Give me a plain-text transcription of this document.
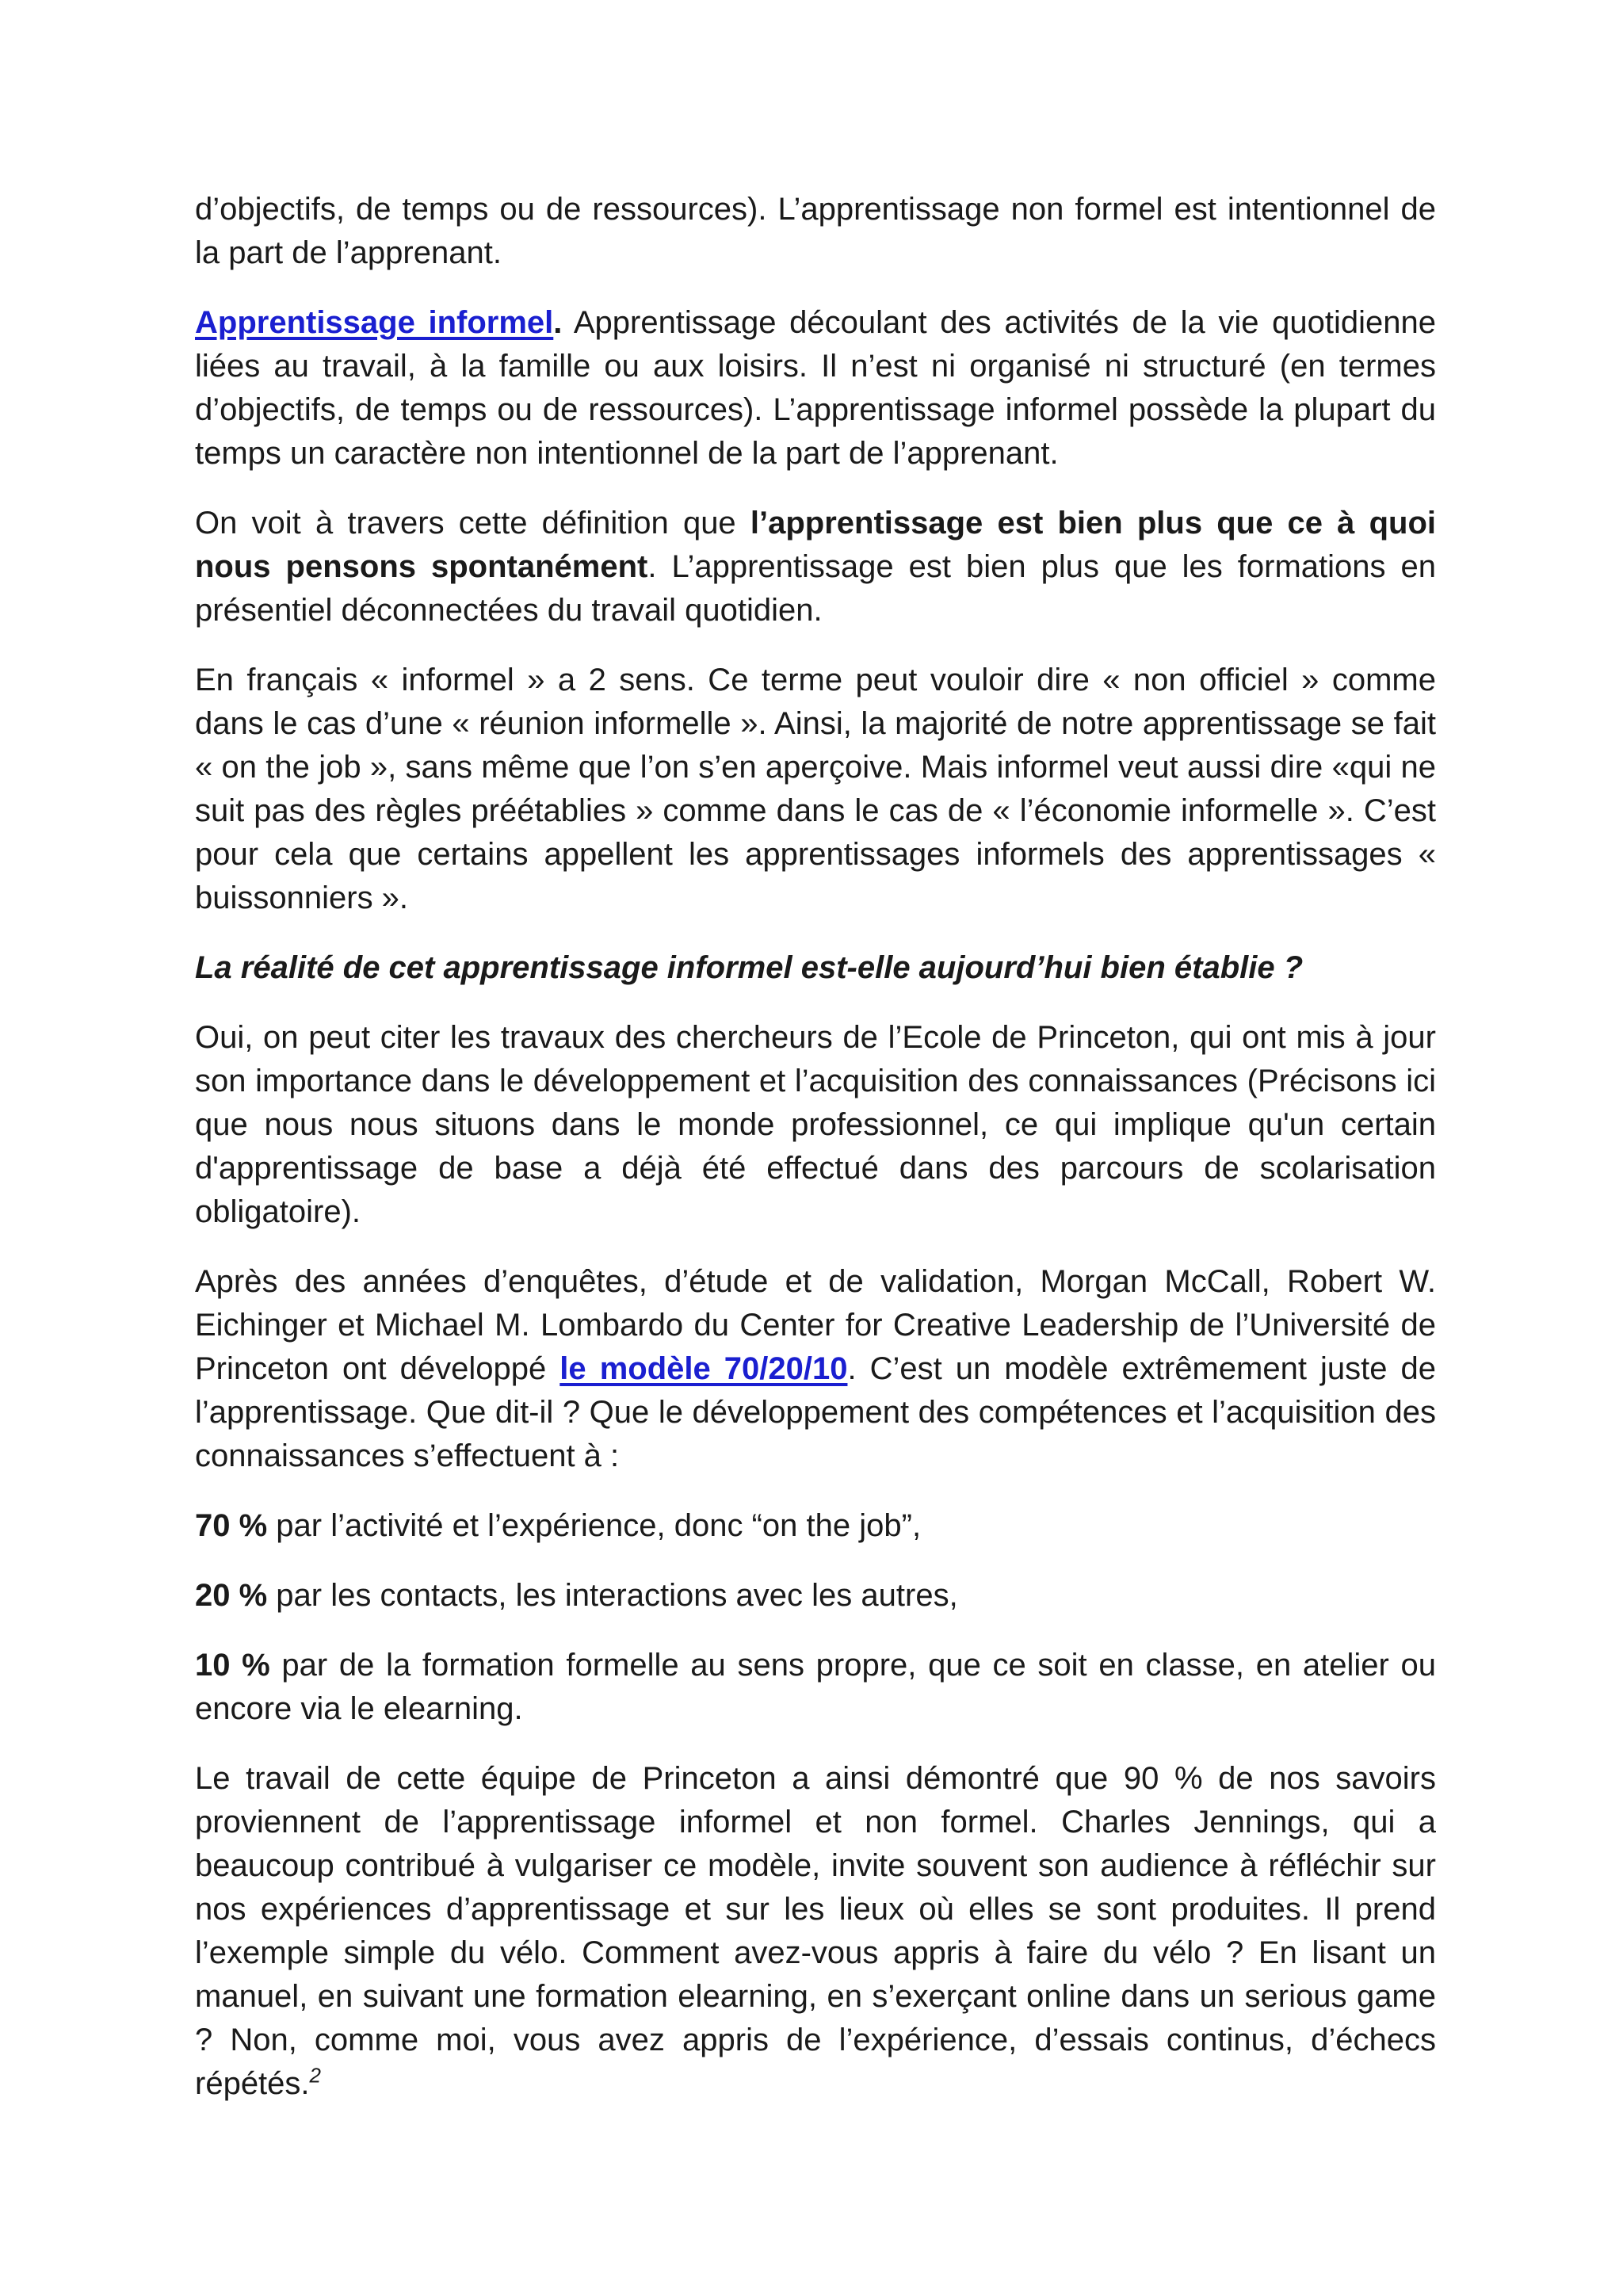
d’objectifs, de temps ou de ressources). L’apprentissage non formel est intentionnel de la part de l’apprenant.

Apprentissage informel. Apprentissage découlant des activités de la vie quotidienne liées au travail, à la famille ou aux loisirs. Il n’est ni organisé ni structuré (en termes d’objectifs, de temps ou de ressources). L’apprentissage informel possède la plupart du temps un caractère non intentionnel de la part de l’apprenant.

On voit à travers cette définition que l’apprentissage est bien plus que ce à quoi nous pensons spontanément. L’apprentissage est bien plus que les formations en présentiel déconnectées du travail quotidien.

En français « informel » a 2 sens. Ce terme peut vouloir dire « non officiel » comme dans le cas d’une « réunion informelle ». Ainsi, la majorité de notre apprentissage se fait « on the job », sans même que l’on s’en aperçoive. Mais informel veut aussi dire «qui ne suit pas des règles préétablies » comme dans le cas de « l’économie informelle ». C’est pour cela que certains appellent les apprentissages informels des apprentissages « buissonniers ».

La réalité de cet apprentissage informel est-elle aujourd’hui bien établie ?

Oui, on peut citer les travaux des chercheurs de l’Ecole de Princeton, qui ont mis à jour son importance dans le développement et l’acquisition des connaissances (Précisons ici que nous nous situons dans le monde professionnel, ce qui implique qu'un certain d'apprentissage de base a déjà été effectué dans des parcours de scolarisation obligatoire).

Après des années d’enquêtes, d’étude et de validation, Morgan McCall, Robert W. Eichinger et Michael M. Lombardo du Center for Creative Leadership de l’Université de Princeton ont développé le modèle 70/20/10. C’est un modèle extrêmement juste de l’apprentissage. Que dit-il ? Que le développement des compétences et l’acquisition des connaissances s’effectuent à :

70 % par l’activité et l’expérience, donc “on the job”,

20 % par les contacts, les interactions avec les autres,

10 % par de la formation formelle au sens propre, que ce soit en classe, en atelier ou encore via le elearning.

Le travail de cette équipe de Princeton a ainsi démontré que 90 % de nos savoirs proviennent de l’apprentissage informel et non formel. Charles Jennings, qui a beaucoup contribué à vulgariser ce modèle, invite souvent son audience à réfléchir sur nos expériences d’apprentissage et sur les lieux où elles se sont produites. Il prend l’exemple simple du vélo. Comment avez-vous appris à faire du vélo ? En lisant un manuel, en suivant une formation elearning, en s’exerçant online dans un serious game ? Non, comme moi, vous avez appris de l’expérience, d’essais continus, d’échecs répétés.$^2$
